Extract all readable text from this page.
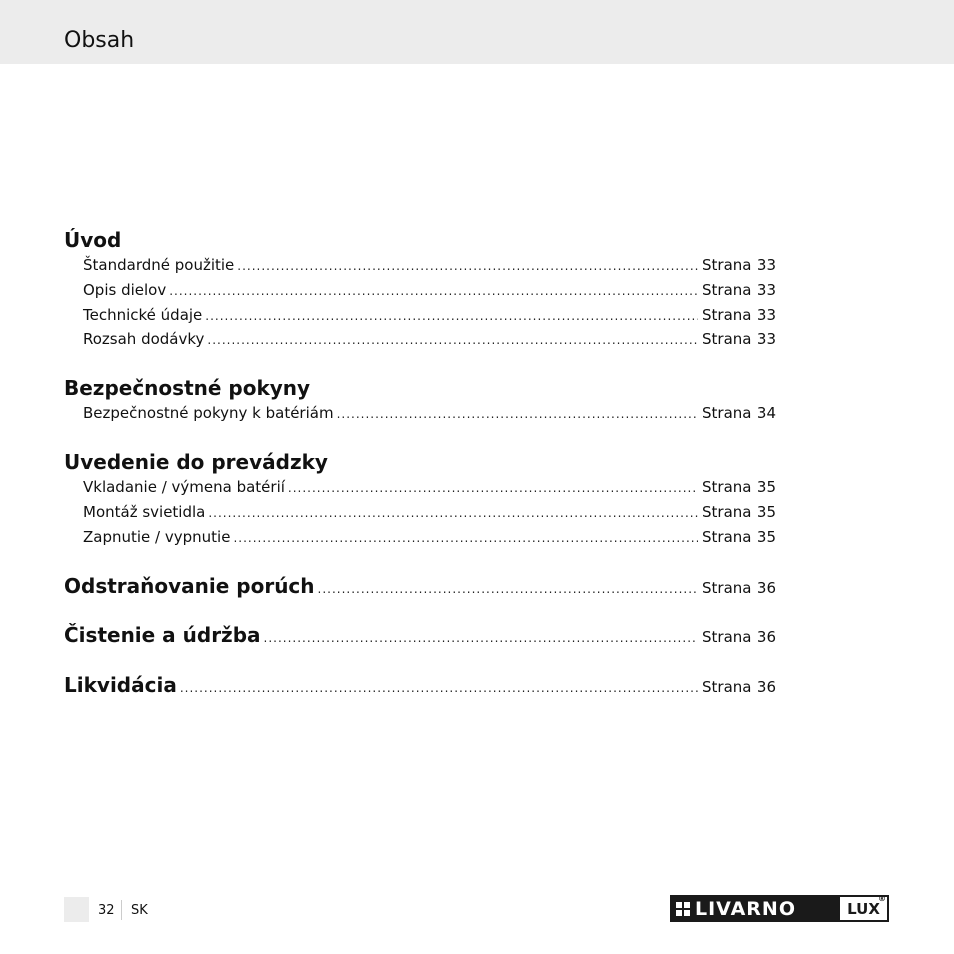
Obsah
Úvod
Štandardné použitie .....	Strana 33
Opis dielov .....	Strana 33
Technické údaje .....	Strana 33
Rozsah dodávky .....	Strana 33
Bezpečnostné pokyny
Bezpečnostné pokyny k batériám .....	Strana 34
Uvedenie do prevádzky
Vkladanie / výmena batérií .....	Strana 35
Montáž svietidla .....	Strana 35
Zapnutie / vypnutie .....	Strana 35
Odstraňovanie porúch .....	Strana 36
Čistenie a údržba .....	Strana 36
Likvidácia .....	Strana 36
32 SK	LIVARNO	LUX
®
